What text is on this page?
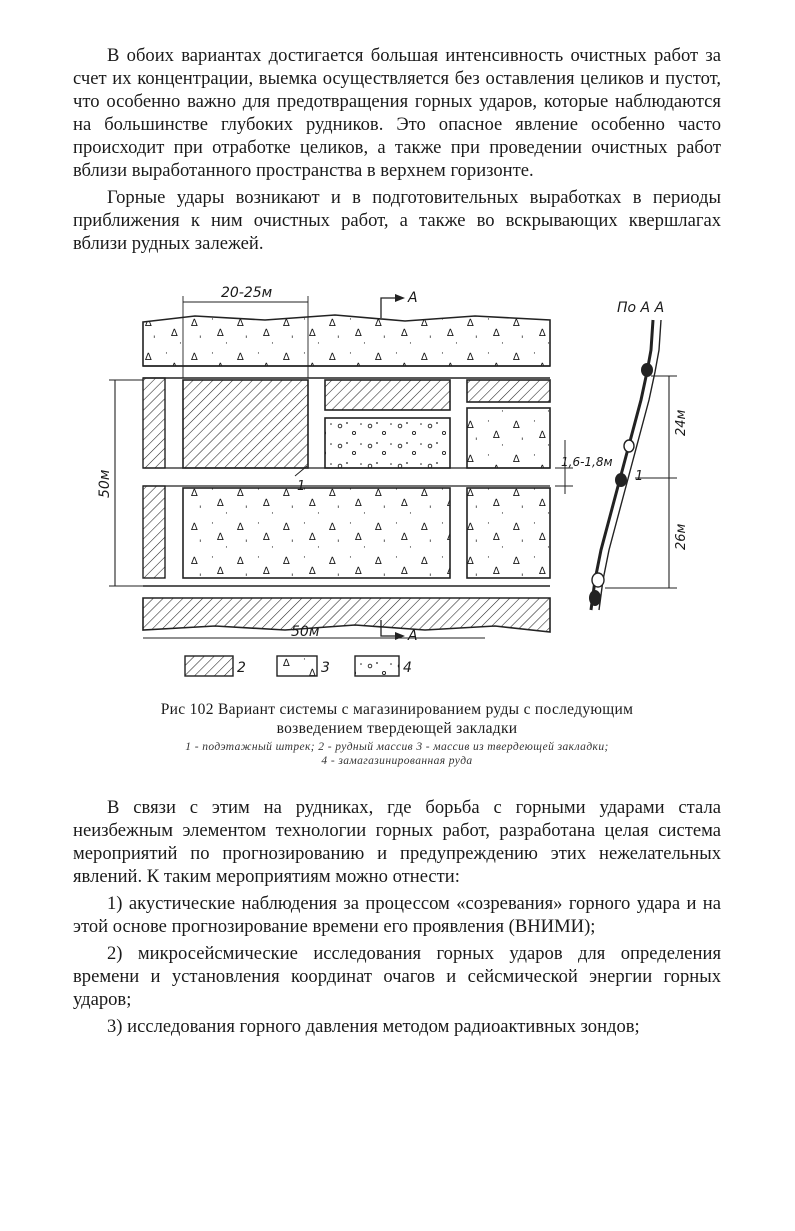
В обоих вариантах достигается большая интенсивность очистных работ за счет их концентрации, выемка осуществляется без оставления целиков и пустот, что особенно важно для предотвращения горных ударов, которые наблюдаются на большинстве глубоких рудников. Это опасное явление особенно часто происходит при отработке целиков, а также при проведении очистных работ вблизи выработанного пространства в верхнем горизонте.

Горные удары возникают и в подготовительных выработках в периоды приближения к ним очистных работ, а также во вскрывающих квершлагах вблизи рудных залежей.

20-25м	А
50м
50м	А
1,6-1,8м
1
По А А
1
24м
26м
2	3	4
Рис 102 Вариант системы с магазинированием руды с последующим
возведением твердеющей закладки
1 - подэтажный штрек; 2 - рудный массив 3 - массив из твердеющей закладки;
4 - замагазинированная руда

В связи с этим на рудниках, где борьба с горными ударами стала неизбежным элементом технологии горных работ, разработана целая система мероприятий по прогнозированию и предупреждению этих нежелательных явлений. К таким мероприятиям можно отнести:

1) акустические наблюдения за процессом «созревания» горного удара и на этой основе прогнозирование времени его проявления (ВНИМИ);

2) микросейсмические исследования горных ударов для определения времени и установления координат очагов и сейсмической энергии горных ударов;

3) исследования горного давления методом радиоактивных зондов;
